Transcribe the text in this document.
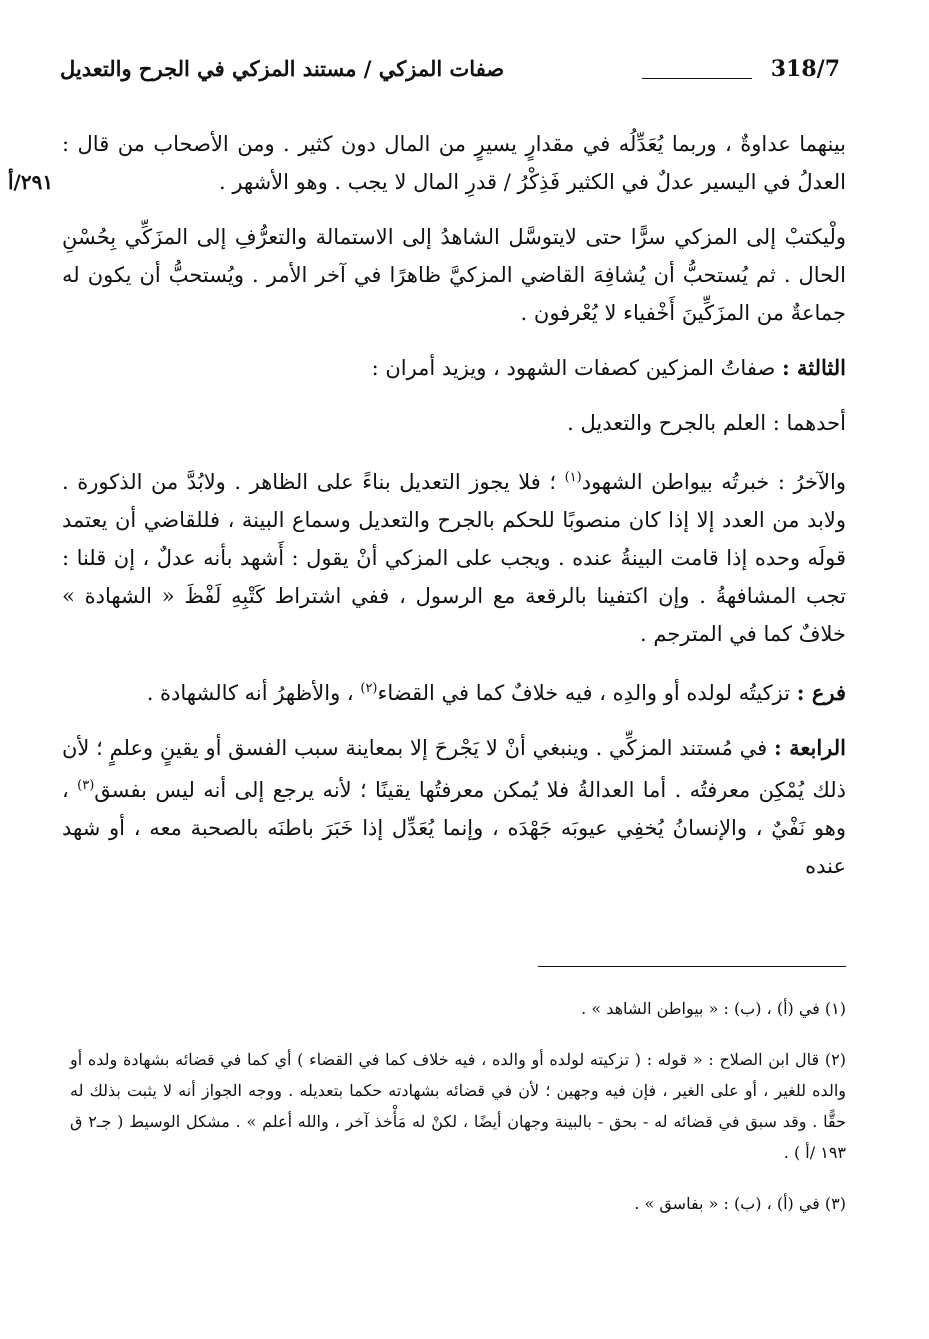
318/7
صفات المزكي / مستند المزكي في الجرح والتعديل
٢٩١/أ

بينهما عداوةٌ ، وربما يُعَدِّلُه في مقدارٍ يسيرٍ من المال دون كثير . ومن الأصحاب من قال : العدلُ في اليسير عدلٌ في الكثير فَذِكْرُ / قدرِ المال لا يجب . وهو الأشهر .

ولْيكتبْ إلى المزكي سرًّا حتى لايتوسَّل الشاهدُ إلى الاستمالة والتعرُّفِ إلى المزَكِّي بِحُسْنِ الحال . ثم يُستحبُّ أن يُشافِهَ القاضي المزكيَّ ظاهرًا في آخر الأمر . ويُستحبُّ أن يكون له جماعةٌ من المزَكِّينَ أَخْفياء لا يُعْرفون .

الثالثة : صفاتُ المزكين كصفات الشهود ، ويزيد أمران :

أحدهما : العلم بالجرح والتعديل .

والآخرُ : خبرتُه بيواطن الشهود$^{(١)}$ ؛ فلا يجوز التعديل بناءً على الظاهر . ولابُدَّ من الذكورة . ولابد من العدد إلا إذا كان منصوبًا للحكم بالجرح والتعديل وسماع البينة ، فللقاضي أن يعتمد قولَه وحده إذا قامت البينةُ عنده . ويجب على المزكي أنْ يقول : أَشهد بأنه عدلٌ ، إن قلنا : تجب المشافهةُ . وإن اكتفينا بالرقعة مع الرسول ، ففي اشتراط كَتْبِهِ لَفْظَ « الشهادة » خلافٌ كما في المترجم .

فرع : تزكيتُه لولده أو والدِه ، فيه خلافٌ كما في القضاء$^{(٢)}$ ، والأظهرُ أنه كالشهادة .

الرابعة : في مُستند المزكِّي . وينبغي أنْ لا يَجْرحَ إلا بمعاينة سبب الفسق أو يقينٍ وعلمٍ ؛ لأن ذلك يُمْكِن معرفتُه . أما العدالةُ فلا يُمكن معرفتُها يقينًا ؛ لأنه يرجع إلى أنه ليس بفسق$^{(٣)}$ ، وهو نَفْيٌ ، والإنسانُ يُخفِي عيوبَه جَهْدَه ، وإنما يُعَدِّل إذا خَبَرَ باطنَه بالصحبة معه ، أو شهد عنده

(١) في (أ) ، (ب) : « بيواطن الشاهد » .

(٢) قال ابن الصلاح : « قوله : ( تزكيته لولده أو والده ، فيه خلاف كما في القضاء ) أي كما في قضائه بشهادة ولده أو والده للغير ، أو على الغير ، فإن فيه وجهين ؛ لأن في قضائه بشهادته حكما بتعديله . ووجه الجواز أنه لا يثبت بذلك له حقًّا . وقد سبق في قضائه له - بحق - بالبينة وجهان أيضًا ، لكنْ له مَأْخذ آخر ، والله أعلم » . مشكل الوسيط ( جـ٢ ق ١٩٣ /أ ) .

(٣) في (أ) ، (ب) : « بفاسق » .
